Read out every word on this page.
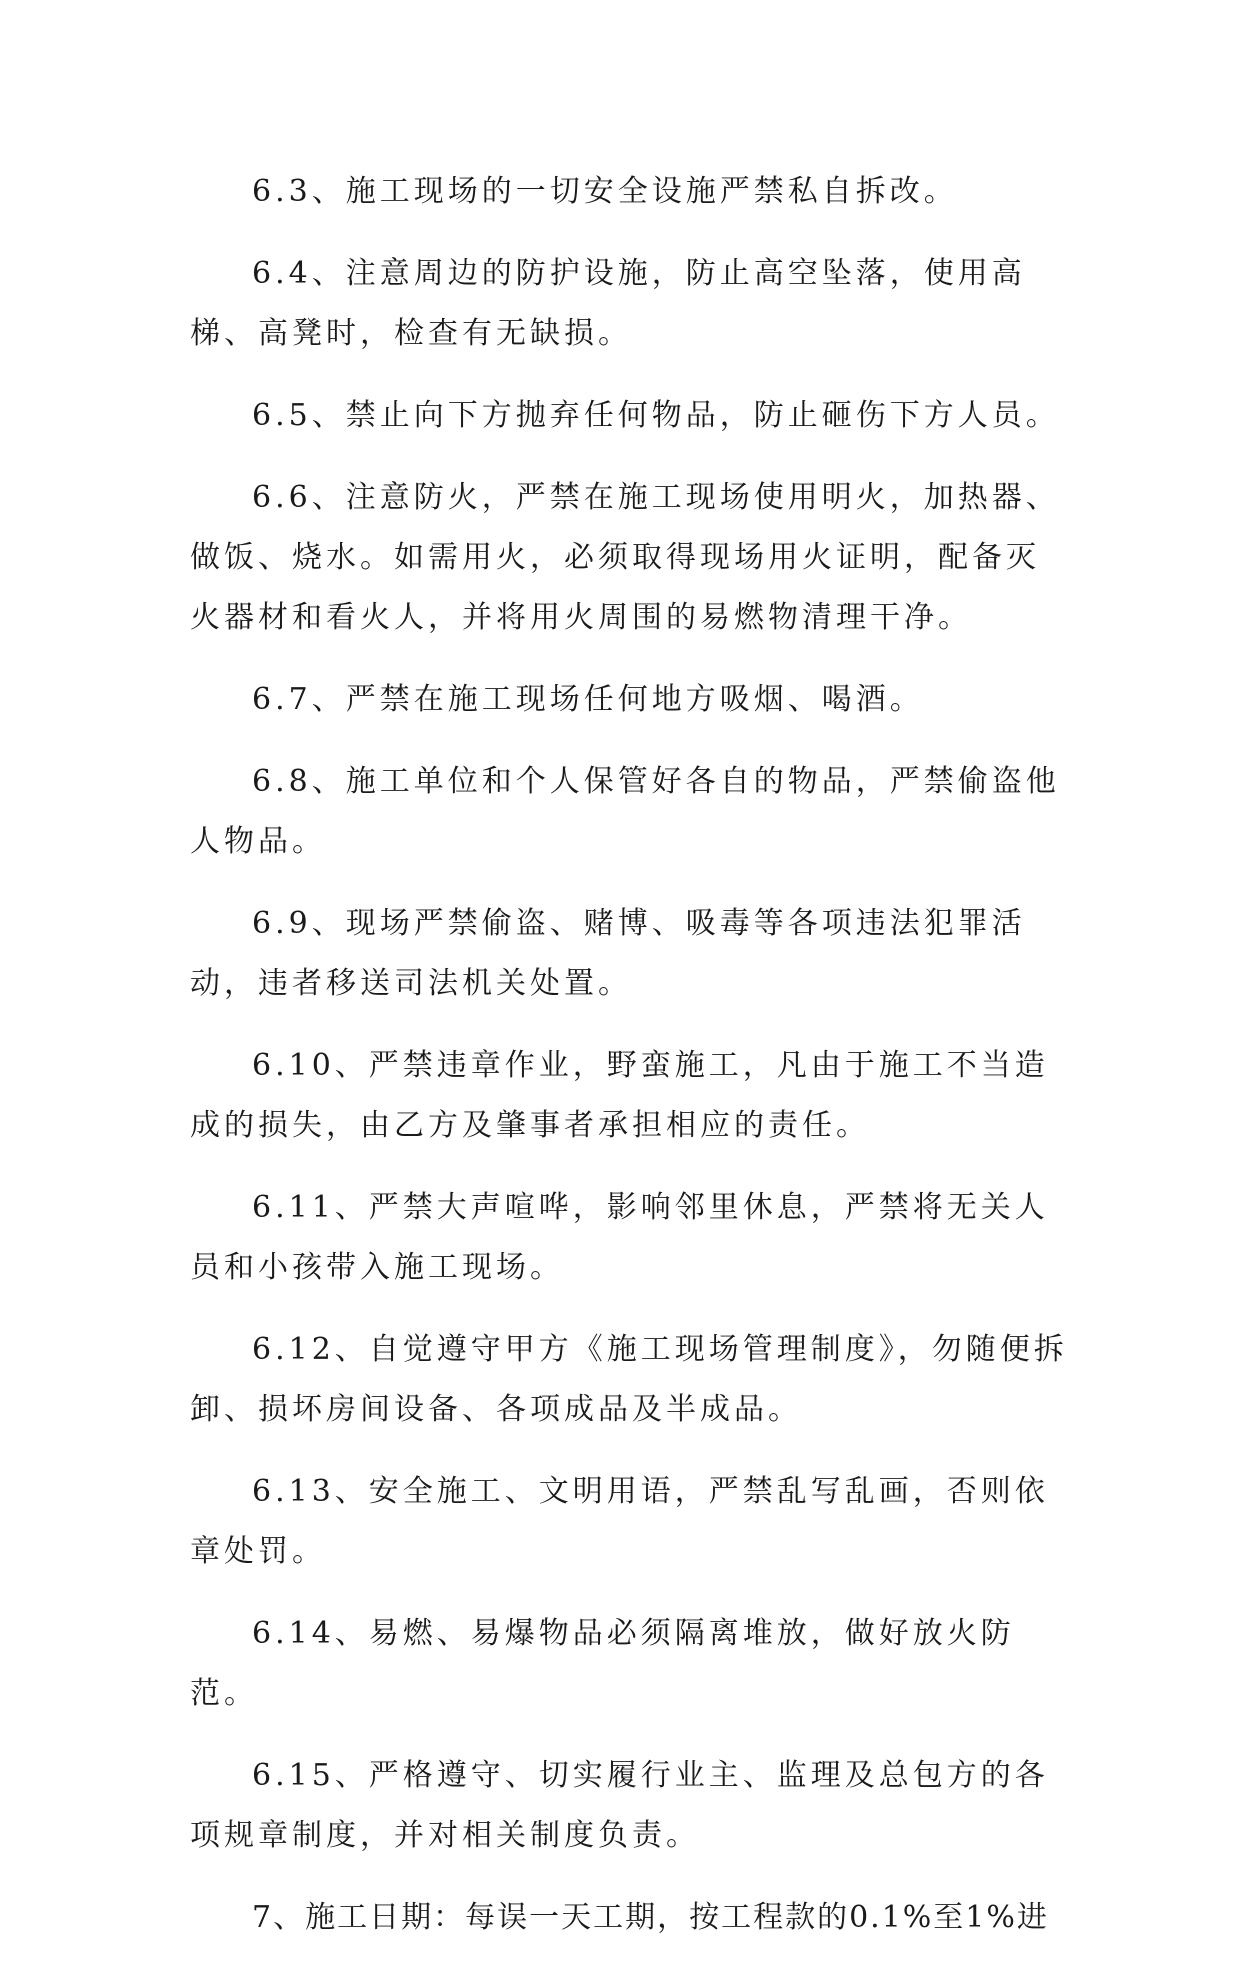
6.3、施工现场的一切安全设施严禁私自拆改。

6.4、注意周边的防护设施，防止高空坠落，使用高梯、高凳时，检查有无缺损。

6.5、禁止向下方抛弃任何物品，防止砸伤下方人员。

6.6、注意防火，严禁在施工现场使用明火，加热器、做饭、烧水。如需用火，必须取得现场用火证明，配备灭火器材和看火人，并将用火周围的易燃物清理干净。

6.7、严禁在施工现场任何地方吸烟、喝酒。

6.8、施工单位和个人保管好各自的物品，严禁偷盗他人物品。

6.9、现场严禁偷盗、赌博、吸毒等各项违法犯罪活动，违者移送司法机关处置。

6.10、严禁违章作业，野蛮施工，凡由于施工不当造成的损失，由乙方及肇事者承担相应的责任。

6.11、严禁大声喧哗，影响邻里休息，严禁将无关人员和小孩带入施工现场。

6.12、自觉遵守甲方《施工现场管理制度》，勿随便拆卸、损坏房间设备、各项成品及半成品。

6.13、安全施工、文明用语，严禁乱写乱画，否则依章处罚。

6.14、易燃、易爆物品必须隔离堆放，做好放火防范。

6.15、严格遵守、切实履行业主、监理及总包方的各项规章制度，并对相关制度负责。

7、施工日期：每误一天工期，按工程款的0.1%至1%进
